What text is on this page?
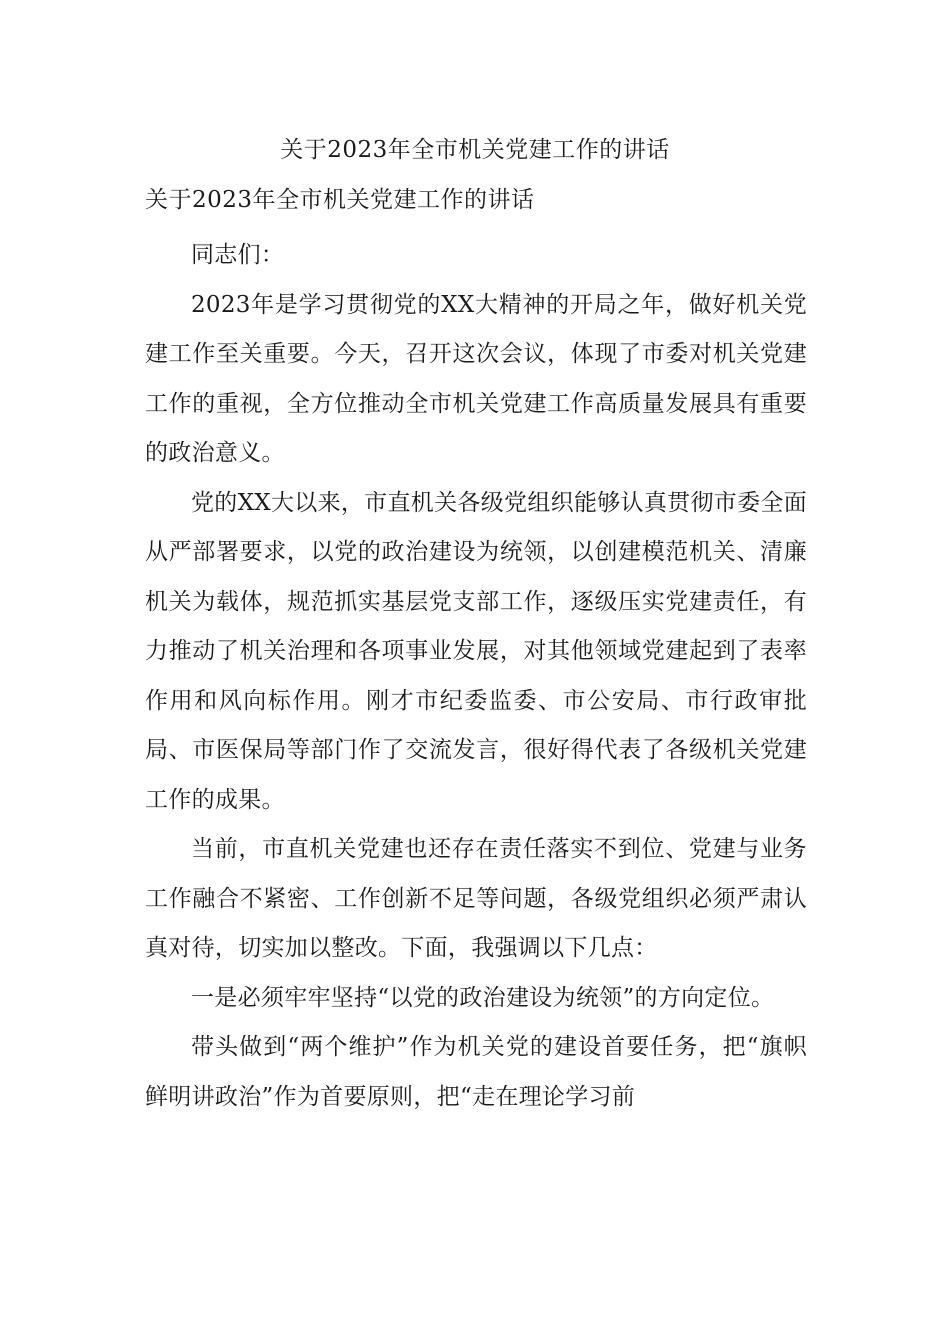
关于2023年全市机关党建工作的讲话

关于2023年全市机关党建工作的讲话

同志们：

2023年是学习贯彻党的XX大精神的开局之年，做好机关党建工作至关重要。今天，召开这次会议，体现了市委对机关党建工作的重视，全方位推动全市机关党建工作高质量发展具有重要的政治意义。

党的XX大以来，市直机关各级党组织能够认真贯彻市委全面从严部署要求，以党的政治建设为统领，以创建模范机关、清廉机关为载体，规范抓实基层党支部工作，逐级压实党建责任，有力推动了机关治理和各项事业发展，对其他领域党建起到了表率作用和风向标作用。刚才市纪委监委、市公安局、市行政审批局、市医保局等部门作了交流发言，很好得代表了各级机关党建工作的成果。

当前，市直机关党建也还存在责任落实不到位、党建与业务工作融合不紧密、工作创新不足等问题，各级党组织必须严肃认真对待，切实加以整改。下面，我强调以下几点：

一是必须牢牢坚持“以党的政治建设为统领”的方向定位。

带头做到“两个维护”作为机关党的建设首要任务，把“旗帜鲜明讲政治”作为首要原则，把“走在理论学习前
